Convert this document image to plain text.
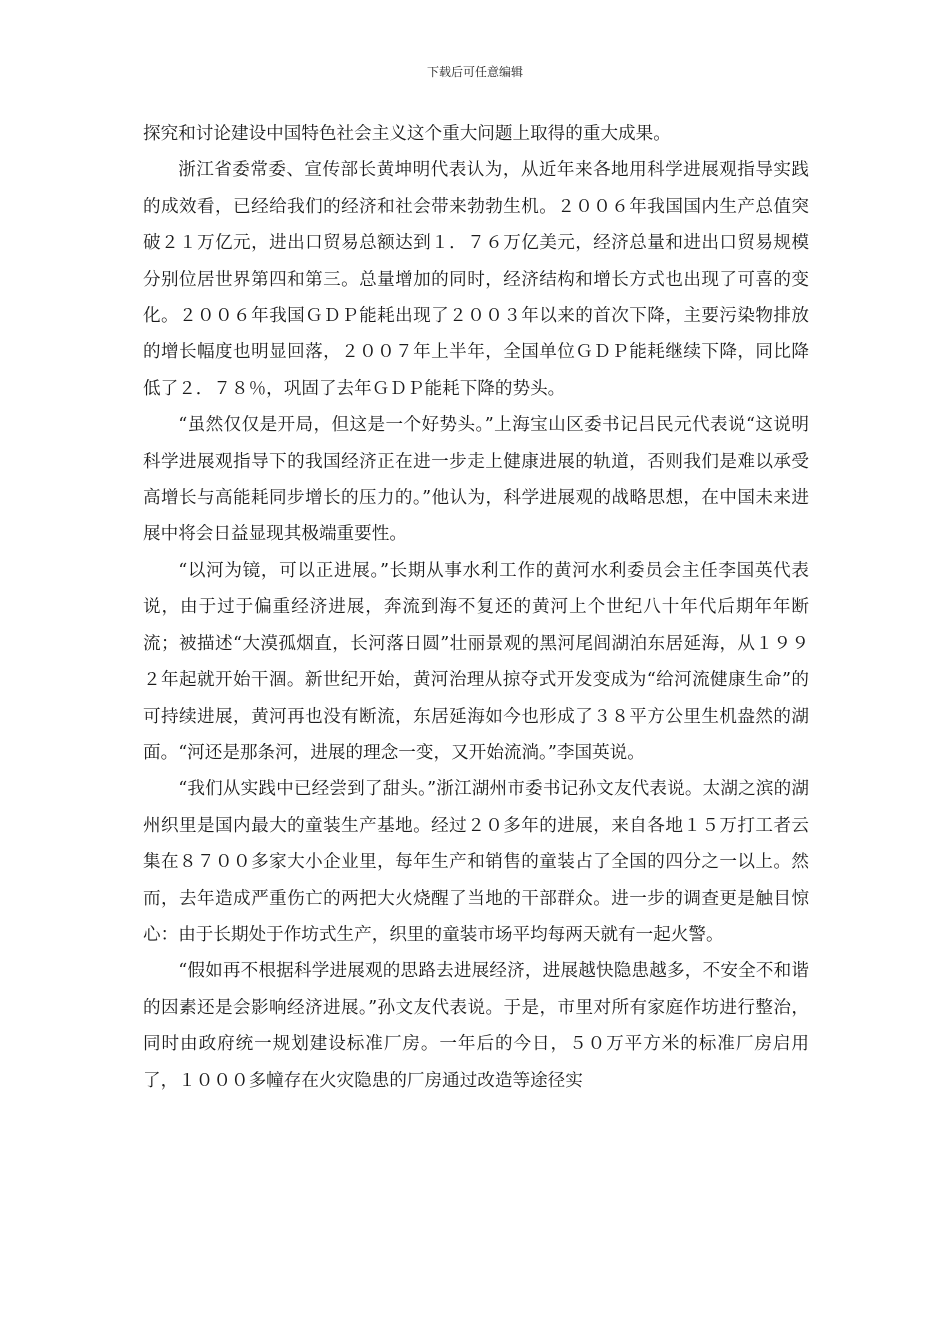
下载后可任意编辑

探究和讨论建设中国特色社会主义这个重大问题上取得的重大成果。

浙江省委常委、宣传部长黄坤明代表认为，从近年来各地用科学进展观指导实践的成效看，已经给我们的经济和社会带来勃勃生机。２００６年我国国内生产总值突破２１万亿元，进出口贸易总额达到１．７６万亿美元，经济总量和进出口贸易规模分别位居世界第四和第三。总量增加的同时，经济结构和增长方式也出现了可喜的变化。２００６年我国ＧＤＰ能耗出现了２００３年以来的首次下降，主要污染物排放的增长幅度也明显回落，２００７年上半年，全国单位ＧＤＰ能耗继续下降，同比降低了２．７８％，巩固了去年ＧＤＰ能耗下降的势头。

“虽然仅仅是开局，但这是一个好势头。”上海宝山区委书记吕民元代表说“这说明科学进展观指导下的我国经济正在进一步走上健康进展的轨道，否则我们是难以承受高增长与高能耗同步增长的压力的。”他认为，科学进展观的战略思想，在中国未来进展中将会日益显现其极端重要性。

“以河为镜，可以正进展。”长期从事水利工作的黄河水利委员会主任李国英代表说，由于过于偏重经济进展，奔流到海不复还的黄河上个世纪八十年代后期年年断流；被描述“大漠孤烟直，长河落日圆”壮丽景观的黑河尾闾湖泊东居延海，从１９９２年起就开始干涸。新世纪开始，黄河治理从掠夺式开发变成为“给河流健康生命”的可持续进展，黄河再也没有断流，东居延海如今也形成了３８平方公里生机盎然的湖面。“河还是那条河，进展的理念一变，又开始流淌。”李国英说。

“我们从实践中已经尝到了甜头。”浙江湖州市委书记孙文友代表说。太湖之滨的湖州织里是国内最大的童装生产基地。经过２０多年的进展，来自各地１５万打工者云集在８７００多家大小企业里，每年生产和销售的童装占了全国的四分之一以上。然而，去年造成严重伤亡的两把大火烧醒了当地的干部群众。进一步的调查更是触目惊心：由于长期处于作坊式生产，织里的童装市场平均每两天就有一起火警。

“假如再不根据科学进展观的思路去进展经济，进展越快隐患越多，不安全不和谐的因素还是会影响经济进展。”孙文友代表说。于是，市里对所有家庭作坊进行整治，同时由政府统一规划建设标准厂房。一年后的今日，５０万平方米的标准厂房启用了，１０００多幢存在火灾隐患的厂房通过改造等途径实
